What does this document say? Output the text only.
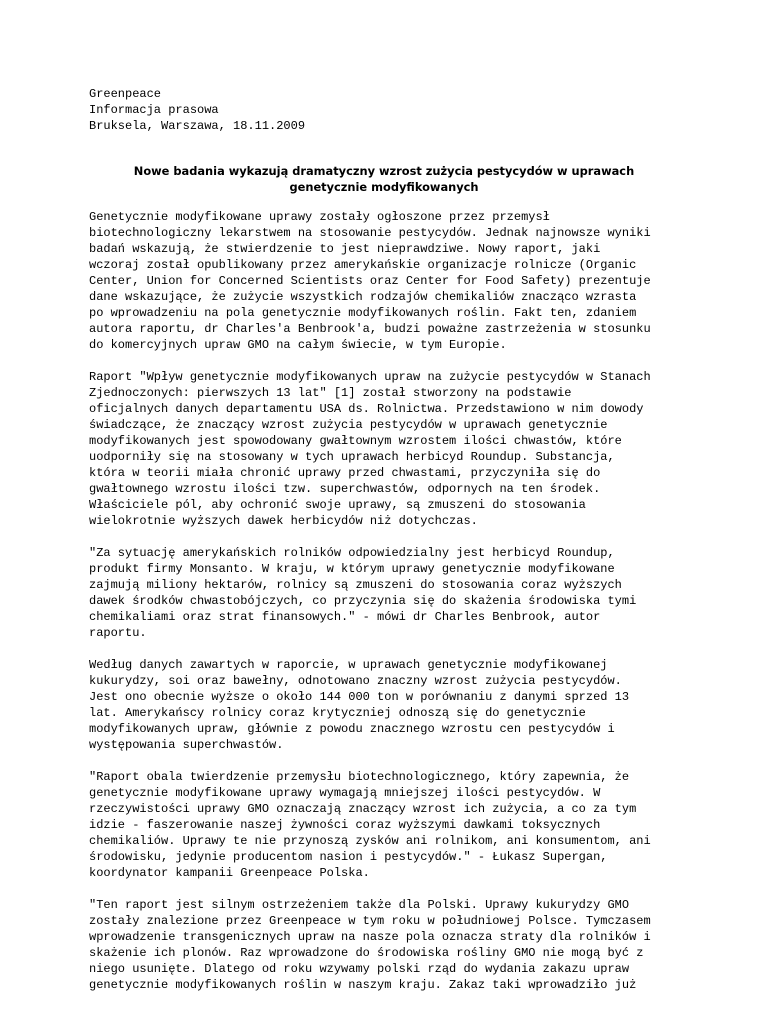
Greenpeace
Informacja prasowa
Bruksela, Warszawa, 18.11.2009
Nowe badania wykazują dramatyczny wzrost zużycia pestycydów w uprawach
genetycznie modyfikowanych
Genetycznie modyfikowane uprawy zostały ogłoszone przez przemysł
biotechnologiczny lekarstwem na stosowanie pestycydów. Jednak najnowsze wyniki
badań wskazują, że stwierdzenie to jest nieprawdziwe. Nowy raport, jaki
wczoraj został opublikowany przez amerykańskie organizacje rolnicze (Organic
Center, Union for Concerned Scientists oraz Center for Food Safety) prezentuje
dane wskazujące, że zużycie wszystkich rodzajów chemikaliów znacząco wzrasta
po wprowadzeniu na pola genetycznie modyfikowanych roślin. Fakt ten, zdaniem
autora raportu, dr Charles'a Benbrook'a, budzi poważne zastrzeżenia w stosunku
do komercyjnych upraw GMO na całym świecie, w tym Europie.
Raport "Wpływ genetycznie modyfikowanych upraw na zużycie pestycydów w Stanach
Zjednoczonych: pierwszych 13 lat" [1] został stworzony na podstawie
oficjalnych danych departamentu USA ds. Rolnictwa. Przedstawiono w nim dowody
świadczące, że znaczący wzrost zużycia pestycydów w uprawach genetycznie
modyfikowanych jest spowodowany gwałtownym wzrostem ilości chwastów, które
uodporniły się na stosowany w tych uprawach herbicyd Roundup. Substancja,
która w teorii miała chronić uprawy przed chwastami, przyczyniła się do
gwałtownego wzrostu ilości tzw. superchwastów, odpornych na ten środek.
Właściciele pól, aby ochronić swoje uprawy, są zmuszeni do stosowania
wielokrotnie wyższych dawek herbicydów niż dotychczas.
"Za sytuację amerykańskich rolników odpowiedzialny jest herbicyd Roundup,
produkt firmy Monsanto. W kraju, w którym uprawy genetycznie modyfikowane
zajmują miliony hektarów, rolnicy są zmuszeni do stosowania coraz wyższych
dawek środków chwastobójczych, co przyczynia się do skażenia środowiska tymi
chemikaliami oraz strat finansowych." - mówi dr Charles Benbrook, autor
raportu.
Według danych zawartych w raporcie, w uprawach genetycznie modyfikowanej
kukurydzy, soi oraz bawełny, odnotowano znaczny wzrost zużycia pestycydów.
Jest ono obecnie wyższe o około 144 000 ton w porównaniu z danymi sprzed 13
lat. Amerykańscy rolnicy coraz krytyczniej odnoszą się do genetycznie
modyfikowanych upraw, głównie z powodu znacznego wzrostu cen pestycydów i
występowania superchwastów.
"Raport obala twierdzenie przemysłu biotechnologicznego, który zapewnia, że
genetycznie modyfikowane uprawy wymagają mniejszej ilości pestycydów. W
rzeczywistości uprawy GMO oznaczają znaczący wzrost ich zużycia, a co za tym
idzie - faszerowanie naszej żywności coraz wyższymi dawkami toksycznych
chemikaliów. Uprawy te nie przynoszą zysków ani rolnikom, ani konsumentom, ani
środowisku, jedynie producentom nasion i pestycydów." - Łukasz Supergan,
koordynator kampanii Greenpeace Polska.
"Ten raport jest silnym ostrzeżeniem także dla Polski. Uprawy kukurydzy GMO
zostały znalezione przez Greenpeace w tym roku w południowej Polsce. Tymczasem
wprowadzenie transgenicznych upraw na nasze pola oznacza straty dla rolników i
skażenie ich plonów. Raz wprowadzone do środowiska rośliny GMO nie mogą być z
niego usunięte. Dlatego od roku wzywamy polski rząd do wydania zakazu upraw
genetycznie modyfikowanych roślin w naszym kraju. Zakaz taki wprowadziło już
